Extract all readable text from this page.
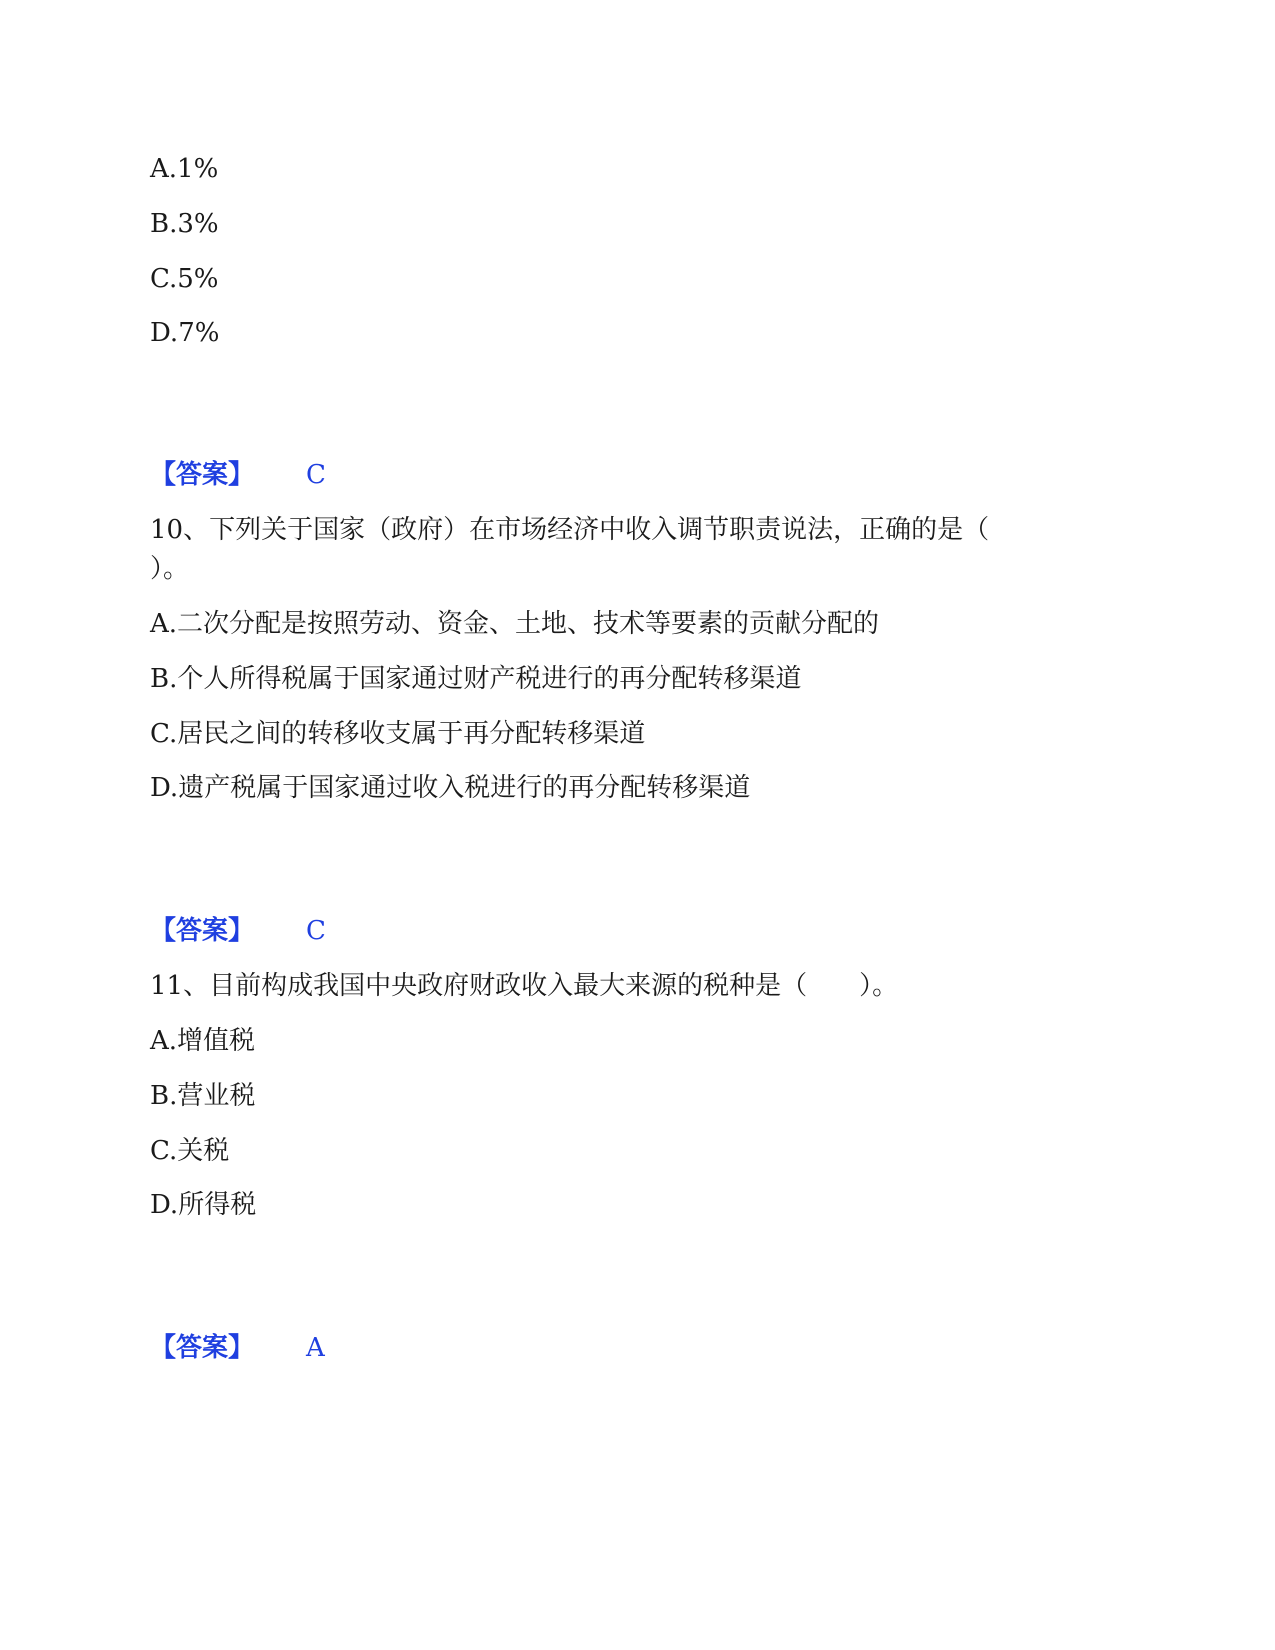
A.1%
B.3%
C.5%
D.7%
【答案】 C
10、下列关于国家（政府）在市场经济中收入调节职责说法，正确的是（
）。
A.二次分配是按照劳动、资金、土地、技术等要素的贡献分配的
B.个人所得税属于国家通过财产税进行的再分配转移渠道
C.居民之间的转移收支属于再分配转移渠道
D.遗产税属于国家通过收入税进行的再分配转移渠道
【答案】 C
11、目前构成我国中央政府财政收入最大来源的税种是（　　）。
A.增值税
B.营业税
C.关税
D.所得税
【答案】 A
